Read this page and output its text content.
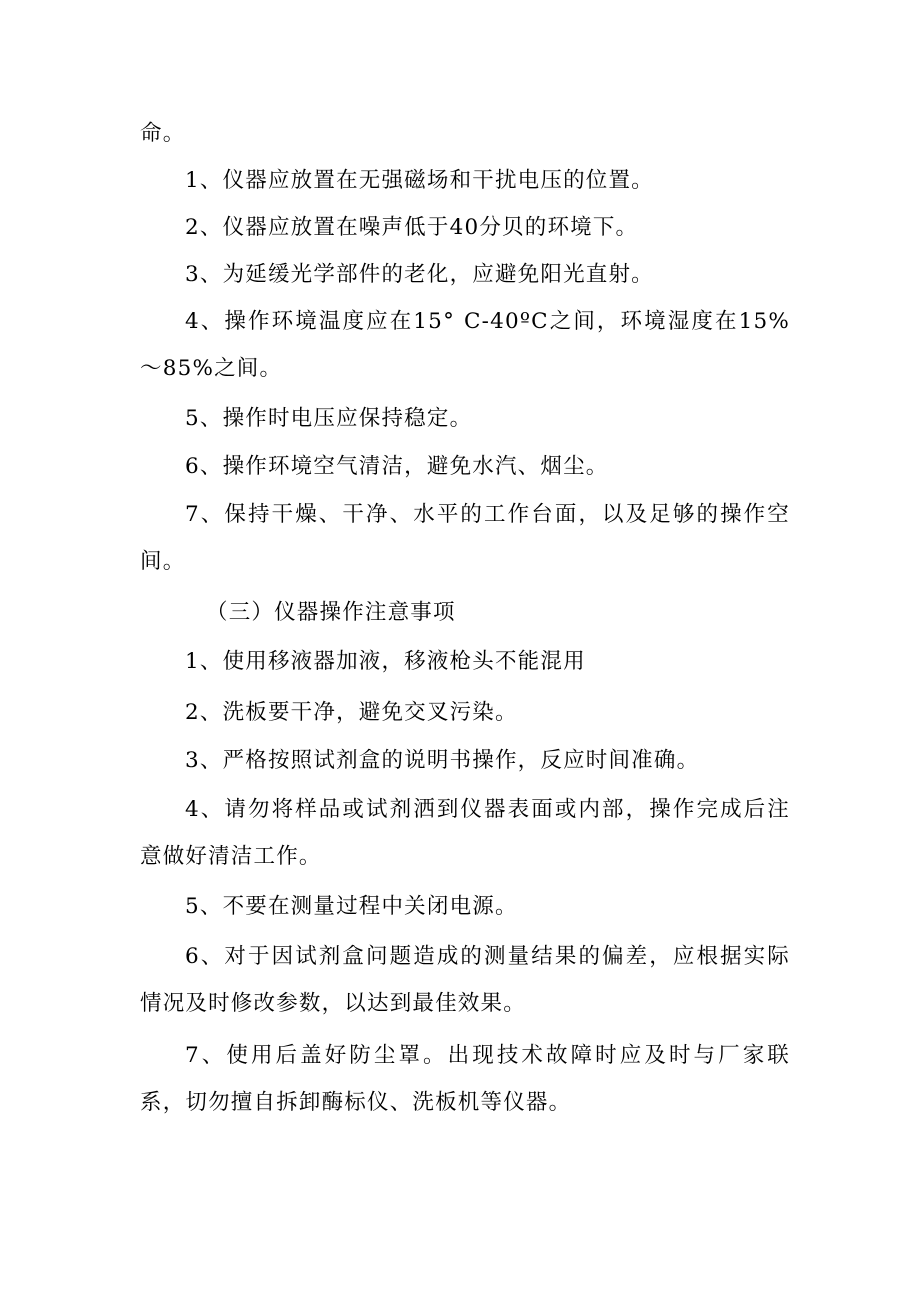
命。

1、仪器应放置在无强磁场和干扰电压的位置。

2、仪器应放置在噪声低于40分贝的环境下。

3、为延缓光学部件的老化，应避免阳光直射。

4、操作环境温度应在15° C-40ºC之间，环境湿度在15%～85%之间。

5、操作时电压应保持稳定。

6、操作环境空气清洁，避免水汽、烟尘。

7、保持干燥、干净、水平的工作台面，以及足够的操作空间。

（三）仪器操作注意事项

1、使用移液器加液，移液枪头不能混用

2、洗板要干净，避免交叉污染。

3、严格按照试剂盒的说明书操作，反应时间准确。

4、请勿将样品或试剂洒到仪器表面或内部，操作完成后注意做好清洁工作。

5、不要在测量过程中关闭电源。

6、对于因试剂盒问题造成的测量结果的偏差，应根据实际情况及时修改参数，以达到最佳效果。

7、使用后盖好防尘罩。出现技术故障时应及时与厂家联系，切勿擅自拆卸酶标仪、洗板机等仪器。
